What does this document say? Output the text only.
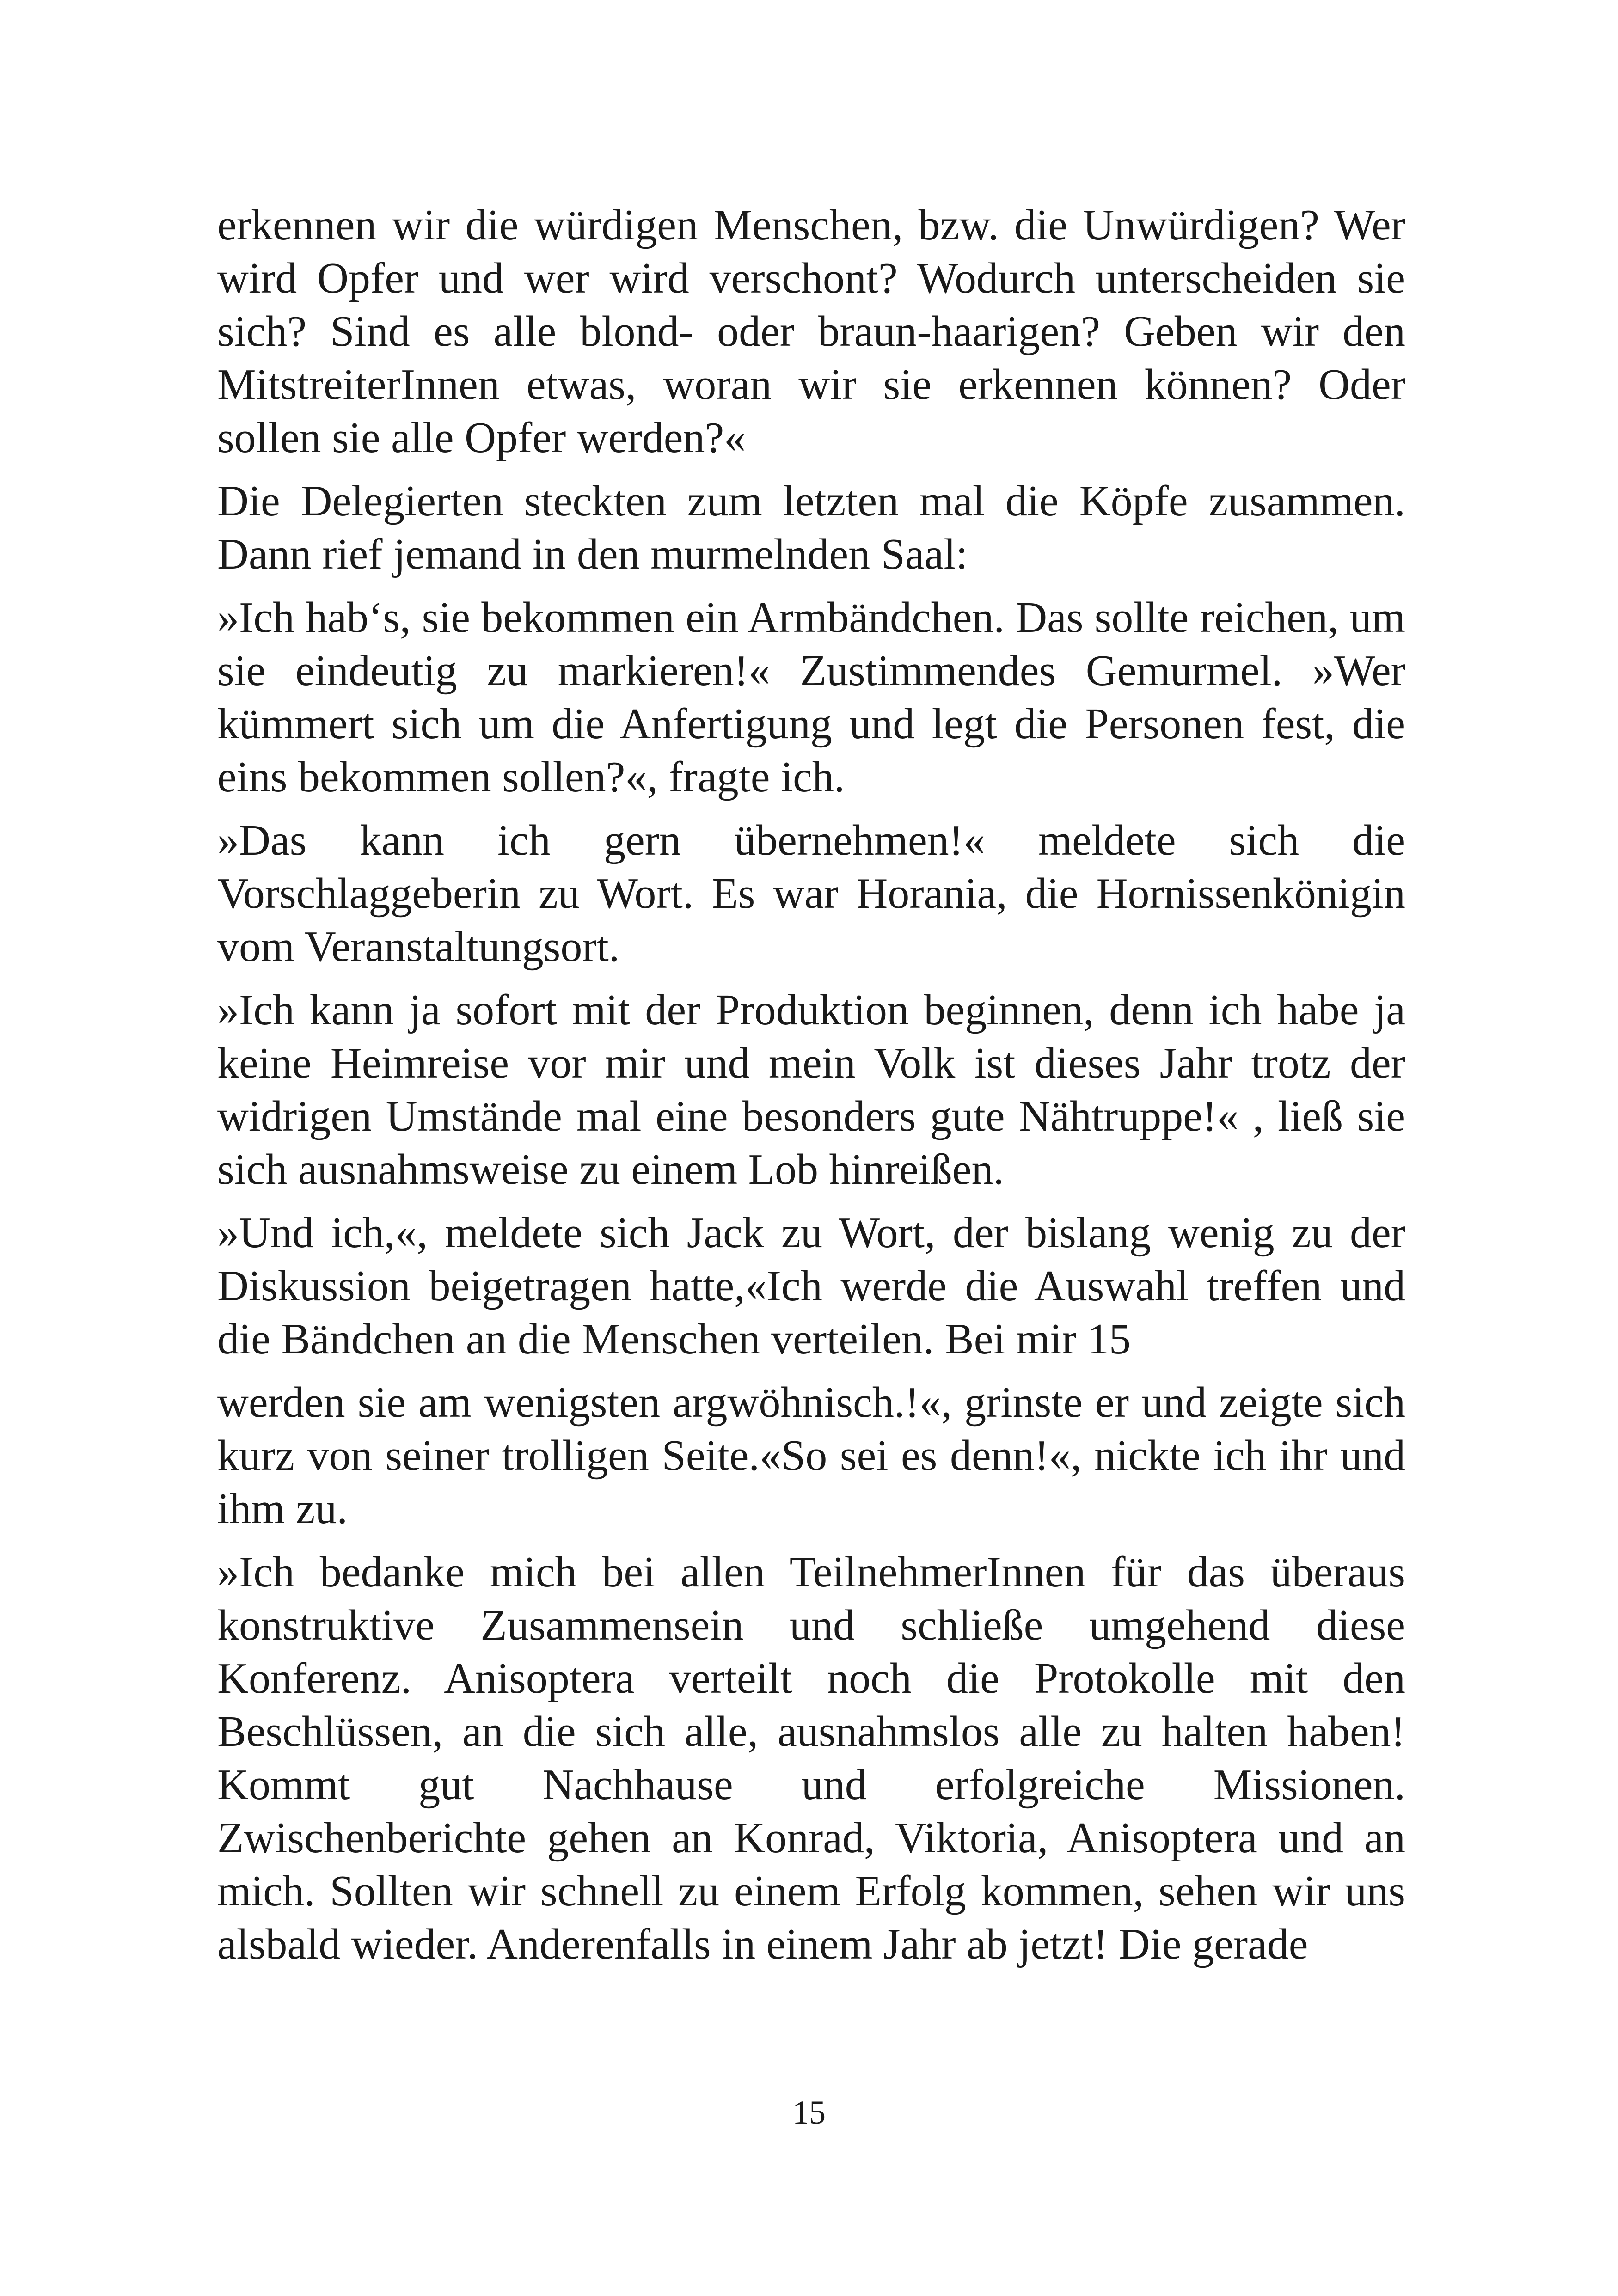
erkennen wir die würdigen Menschen, bzw. die Unwürdigen? Wer wird Opfer und wer wird verschont? Wodurch unterscheiden sie sich? Sind es alle blond- oder braun-haarigen? Geben wir den MitstreiterInnen etwas, woran wir sie erkennen können? Oder sollen sie alle Opfer werden?«

Die Delegierten steckten zum letzten mal die Köpfe zusammen. Dann rief jemand in den murmelnden Saal:

»Ich hab‘s, sie bekommen ein Armbändchen. Das sollte reichen, um sie eindeutig zu markieren!« Zustimmendes Gemurmel. »Wer kümmert sich um die Anfertigung und legt die Personen fest, die eins bekommen sollen?«, fragte ich.

»Das kann ich gern übernehmen!« meldete sich die Vorschlaggeberin zu Wort. Es war Horania, die Hornissenkönigin vom Veranstaltungsort.

»Ich kann ja sofort mit der Produktion beginnen, denn ich habe ja keine Heimreise vor mir und mein Volk ist dieses Jahr trotz der widrigen Umstände mal eine besonders gute Nähtruppe!« , ließ sie sich ausnahmsweise zu einem Lob hinreißen.

»Und ich,«, meldete sich Jack zu Wort, der bislang wenig zu der Diskussion beigetragen hatte,«Ich werde die Auswahl treffen und die Bändchen an die Menschen verteilen. Bei mir 15

werden sie am wenigsten argwöhnisch.!«, grinste er und zeigte sich kurz von seiner trolligen Seite.«So sei es denn!«, nickte ich ihr und ihm zu.

»Ich bedanke mich bei allen TeilnehmerInnen für das überaus konstruktive Zusammensein und schließe umgehend diese Konferenz. Anisoptera verteilt noch die Protokolle mit den Beschlüssen, an die sich alle, ausnahmslos alle zu halten haben! Kommt gut Nachhause und erfolgreiche Missionen. Zwischenberichte gehen an Konrad, Viktoria, Anisoptera und an mich. Sollten wir schnell zu einem Erfolg kommen, sehen wir uns alsbald wieder. Anderenfalls in einem Jahr ab jetzt! Die gerade

15
